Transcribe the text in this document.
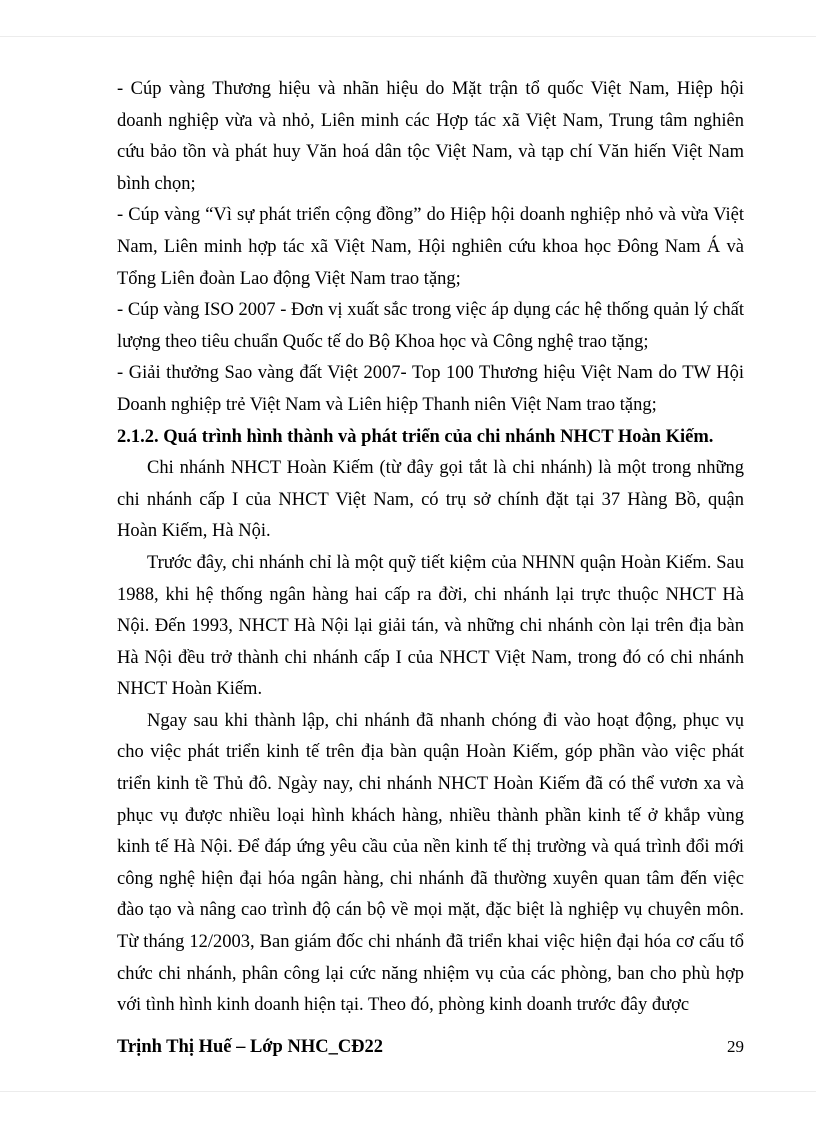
- Cúp vàng Thương hiệu và nhãn hiệu do Mặt trận tổ quốc Việt Nam, Hiệp hội doanh nghiệp vừa và nhỏ, Liên minh các Hợp tác xã Việt Nam, Trung tâm nghiên cứu bảo tồn và phát huy Văn hoá dân tộc Việt Nam, và tạp chí Văn hiến Việt Nam bình chọn;

- Cúp vàng “Vì sự phát triển cộng đồng” do Hiệp hội doanh nghiệp nhỏ và vừa Việt Nam, Liên minh hợp tác xã Việt Nam, Hội nghiên cứu khoa học Đông Nam Á và Tổng Liên đoàn Lao động Việt Nam trao tặng;

- Cúp vàng ISO 2007 - Đơn vị xuất sắc trong việc áp dụng các hệ thống quản lý chất lượng theo tiêu chuẩn Quốc tế do Bộ Khoa học và Công nghệ trao tặng;

- Giải thưởng Sao vàng đất Việt 2007- Top 100 Thương hiệu Việt Nam do TW Hội Doanh nghiệp trẻ Việt Nam và Liên hiệp Thanh niên Việt Nam trao tặng;

2.1.2. Quá trình hình thành và phát triển của chi nhánh NHCT Hoàn Kiếm.

Chi nhánh NHCT Hoàn Kiếm (từ đây gọi tắt là chi nhánh) là một trong những chi nhánh cấp I của NHCT Việt Nam, có trụ sở chính đặt tại 37 Hàng Bồ, quận Hoàn Kiếm, Hà Nội.

Trước đây, chi nhánh chỉ là một quỹ tiết kiệm của NHNN quận Hoàn Kiếm. Sau 1988, khi hệ thống ngân hàng hai cấp ra đời, chi nhánh lại trực thuộc NHCT Hà Nội. Đến 1993, NHCT Hà Nội lại giải tán, và những chi nhánh còn lại trên địa bàn Hà Nội đều trở thành chi nhánh cấp I của NHCT Việt Nam, trong đó có chi nhánh NHCT Hoàn Kiếm.

Ngay sau khi thành lập, chi nhánh đã nhanh chóng đi vào hoạt động, phục vụ cho việc phát triển kinh tế trên địa bàn quận Hoàn Kiếm, góp phần vào việc phát triển kinh tề Thủ đô. Ngày nay, chi nhánh NHCT Hoàn Kiếm đã có thể vươn xa và phục vụ được nhiều loại hình khách hàng, nhiều thành phần kinh tế ở khắp vùng kinh tế Hà Nội. Để đáp ứng yêu cầu của nền kinh tế thị trường và quá trình đổi mới công nghệ hiện đại hóa ngân hàng, chi nhánh đã thường xuyên quan tâm đến việc đào tạo và nâng cao trình độ cán bộ về mọi mặt, đặc biệt là nghiệp vụ chuyên môn. Từ tháng 12/2003, Ban giám đốc chi nhánh đã triển khai việc hiện đại hóa cơ cấu tổ chức chi nhánh, phân công lại cức năng nhiệm vụ của các phòng, ban cho phù hợp với tình hình kinh doanh hiện tại. Theo đó, phòng kinh doanh trước đây được

Trịnh Thị Huế – Lớp NHC_CĐ22	29
